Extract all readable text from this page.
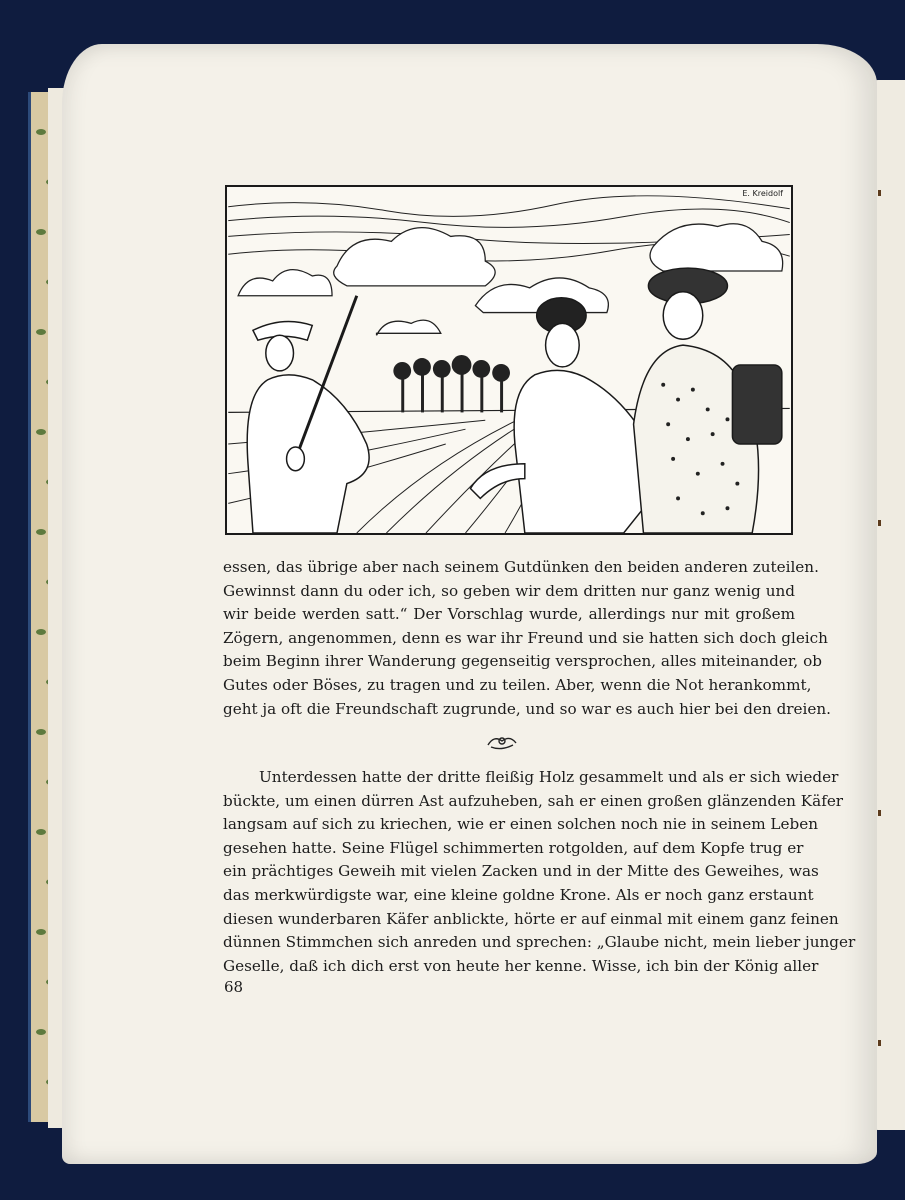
E. Kreidolf
essen, das übrige aber nach seinem Gutdünken den beiden anderen zuteilen.
Gewinnst dann du oder ich, so geben wir dem dritten nur ganz wenig und
wir beide werden satt.“ Der Vorschlag wurde, allerdings nur mit großem
Zögern, angenommen, denn es war ihr Freund und sie hatten sich doch gleich
beim Beginn ihrer Wanderung gegenseitig versprochen, alles miteinander, ob
Gutes oder Böses, zu tragen und zu teilen. Aber, wenn die Not herankommt,
geht ja oft die Freundschaft zugrunde, und so war es auch hier bei den dreien.
Unterdessen hatte der dritte fleißig Holz gesammelt und als er sich wieder
bückte, um einen dürren Ast aufzuheben, sah er einen großen glänzenden Käfer
langsam auf sich zu kriechen, wie er einen solchen noch nie in seinem Leben
gesehen hatte. Seine Flügel schimmerten rotgolden, auf dem Kopfe trug er
ein prächtiges Geweih mit vielen Zacken und in der Mitte des Geweihes, was
das merkwürdigste war, eine kleine goldne Krone. Als er noch ganz erstaunt
diesen wunderbaren Käfer anblickte, hörte er auf einmal mit einem ganz feinen
dünnen Stimmchen sich anreden und sprechen: „Glaube nicht, mein lieber junger
Geselle, daß ich dich erst von heute her kenne. Wisse, ich bin der König aller
68
